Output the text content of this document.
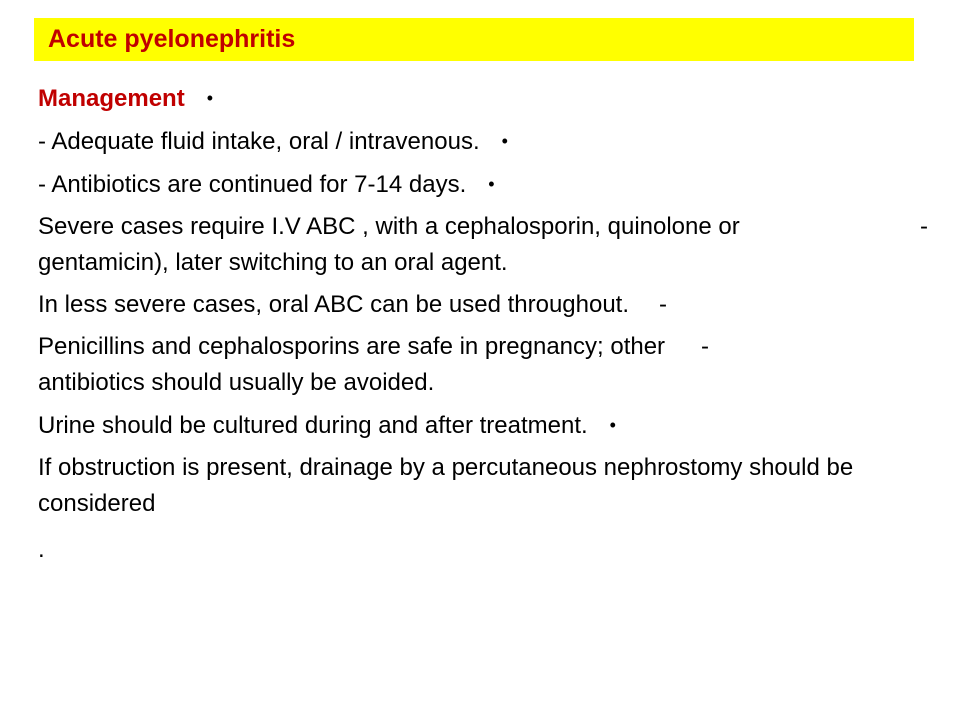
Acute pyelonephritis
Management •
- Adequate fluid intake, oral / intravenous. •
- Antibiotics are continued for 7-14 days. •
Severe cases require I.V ABC , with a cephalosporin, quinolone or	-
gentamicin), later switching to an oral agent.
In less severe cases, oral ABC can be used throughout. -
Penicillins and cephalosporins are safe in pregnancy; other -
antibiotics should usually be avoided.
Urine should be cultured during and after treatment. •
If obstruction is present, drainage by a percutaneous nephrostomy should be considered
.
